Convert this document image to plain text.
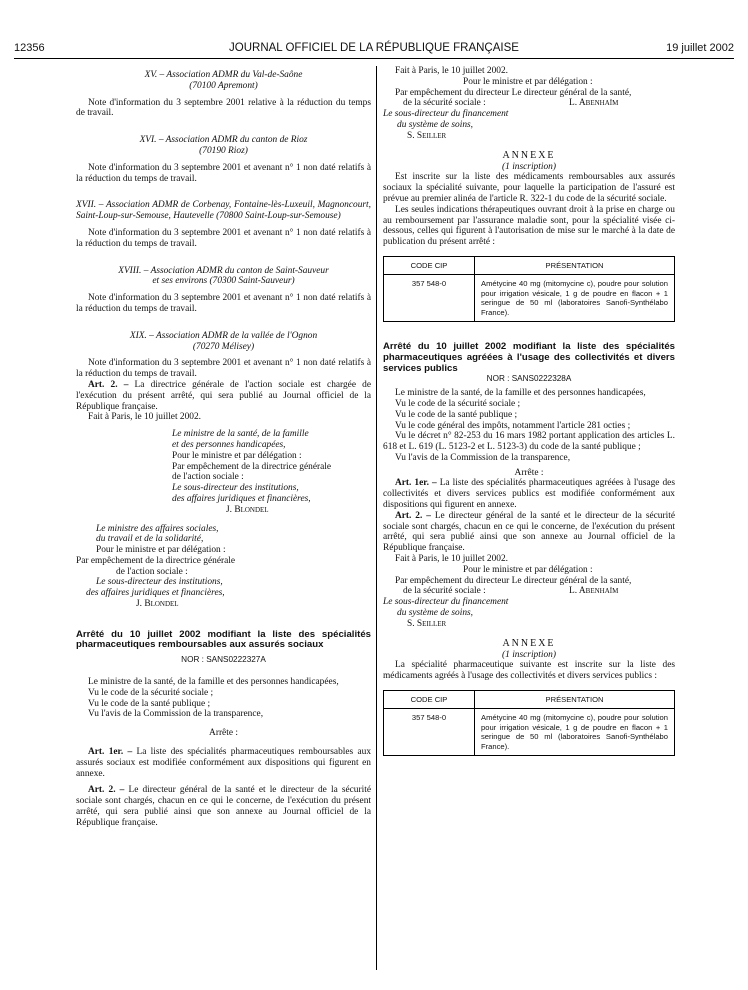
12356	JOURNAL OFFICIEL DE LA RÉPUBLIQUE FRANÇAISE	19 juillet 2002

XV. – Association ADMR du Val-de-Saône

(70100 Apremont)

Note d'information du 3 septembre 2001 relative à la réduction du temps de travail.

XVI. – Association ADMR du canton de Rioz

(70190 Rioz)

Note d'information du 3 septembre 2001 et avenant n° 1 non daté relatifs à la réduction du temps de travail.

XVII. – Association ADMR de Corbenay, Fontaine-lès-Luxeuil, Magnoncourt, Saint-Loup-sur-Semouse, Hautevelle (70800 Saint-Loup-sur-Semouse)

Note d'information du 3 septembre 2001 et avenant n° 1 non daté relatifs à la réduction du temps de travail.

XVIII. – Association ADMR du canton de Saint-Sauveur

et ses environs (70300 Saint-Sauveur)

Note d'information du 3 septembre 2001 et avenant n° 1 non daté relatifs à la réduction du temps de travail.

XIX. – Association ADMR de la vallée de l'Ognon

(70270 Mélisey)

Note d'information du 3 septembre 2001 et avenant n° 1 non daté relatifs à la réduction du temps de travail.

Art. 2. – La directrice générale de l'action sociale est chargée de l'exécution du présent arrêté, qui sera publié au Journal officiel de la République française.

Fait à Paris, le 10 juillet 2002.

Le ministre de la santé, de la famille

et des personnes handicapées,

Pour le ministre et par délégation :

Par empêchement de la directrice générale

de l'action sociale :

Le sous-directeur des institutions,

des affaires juridiques et financières,

J. Blondel

Le ministre des affaires sociales,

du travail et de la solidarité,

Pour le ministre et par délégation :

Par empêchement de la directrice générale

de l'action sociale :

Le sous-directeur des institutions,

des affaires juridiques et financières,

J. Blondel

Arrêté du 10 juillet 2002 modifiant la liste des spécialités pharmaceutiques remboursables aux assurés sociaux

NOR : SANS0222327A

Le ministre de la santé, de la famille et des personnes handicapées,

Vu le code de la sécurité sociale ;

Vu le code de la santé publique ;

Vu l'avis de la Commission de la transparence,

Arrête :

Art. 1er. – La liste des spécialités pharmaceutiques remboursables aux assurés sociaux est modifiée conformément aux dispositions qui figurent en annexe.

Art. 2. – Le directeur général de la santé et le directeur de la sécurité sociale sont chargés, chacun en ce qui le concerne, de l'exécution du présent arrêté, qui sera publié ainsi que son annexe au Journal officiel de la République française.

Fait à Paris, le 10 juillet 2002.

Pour le ministre et par délégation :

Par empêchement du directeur Le directeur général de la santé,

de la sécurité sociale :	L. Abenhaïm

Le sous-directeur du financement

du système de soins,

S. Seiller

ANNEXE

(1 inscription)

Est inscrite sur la liste des médicaments remboursables aux assurés sociaux la spécialité suivante, pour laquelle la participation de l'assuré est prévue au premier alinéa de l'article R. 322-1 du code de la sécurité sociale.

Les seules indications thérapeutiques ouvrant droit à la prise en charge ou au remboursement par l'assurance maladie sont, pour la spécialité visée ci-dessous, celles qui figurent à l'autorisation de mise sur le marché à la date de publication du présent arrêté :

CODE CIP	PRÉSENTATION
357 548-0	Amétycine 40 mg (mitomycine c), poudre pour solution pour irrigation vésicale, 1 g de poudre en flacon + 1 seringue de 50 ml (laboratoires Sanofi-Synthélabo France).

Arrêté du 10 juillet 2002 modifiant la liste des spécialités pharmaceutiques agréées à l'usage des collectivités et divers services publics

NOR : SANS0222328A

Le ministre de la santé, de la famille et des personnes handicapées,

Vu le code de la sécurité sociale ;

Vu le code de la santé publique ;

Vu le code général des impôts, notamment l'article 281 octies ;

Vu le décret n° 82-253 du 16 mars 1982 portant application des articles L. 618 et L. 619 (L. 5123-2 et L. 5123-3) du code de la santé publique ;

Vu l'avis de la Commission de la transparence,

Arrête :

Art. 1er. – La liste des spécialités pharmaceutiques agréées à l'usage des collectivités et divers services publics est modifiée conformément aux dispositions qui figurent en annexe.

Art. 2. – Le directeur général de la santé et le directeur de la sécurité sociale sont chargés, chacun en ce qui le concerne, de l'exécution du présent arrêté, qui sera publié ainsi que son annexe au Journal officiel de la République française.

Fait à Paris, le 10 juillet 2002.

Pour le ministre et par délégation :

Par empêchement du directeur Le directeur général de la santé,

de la sécurité sociale :	L. Abenhaïm

Le sous-directeur du financement

du système de soins,

S. Seiller

ANNEXE

(1 inscription)

La spécialité pharmaceutique suivante est inscrite sur la liste des médicaments agréés à l'usage des collectivités et divers services publics :

CODE CIP	PRÉSENTATION
357 548-0	Amétycine 40 mg (mitomycine c), poudre pour solution pour irrigation vésicale, 1 g de poudre en flacon + 1 seringue de 50 ml (laboratoires Sanofi-Synthélabo France).
